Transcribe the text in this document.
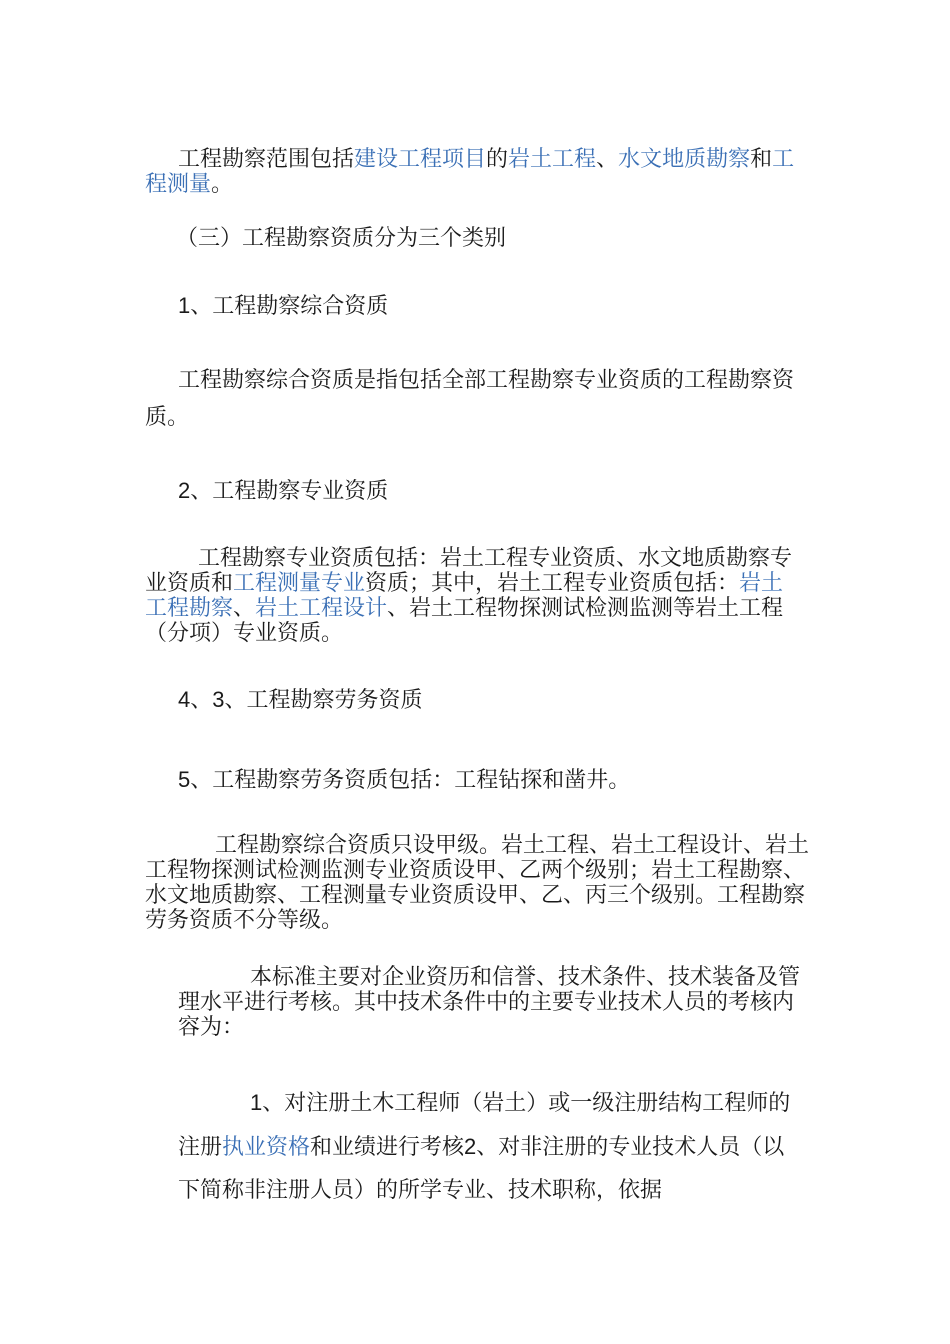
工程勘察范围包括建设工程项目的岩土工程、水文地质勘察和工程测量。

（三）工程勘察资质分为三个类别

1、工程勘察综合资质

工程勘察综合资质是指包括全部工程勘察专业资质的工程勘察资质。

2、工程勘察专业资质

工程勘察专业资质包括：岩土工程专业资质、水文地质勘察专业资质和工程测量专业资质；其中，岩土工程专业资质包括：岩土工程勘察、岩土工程设计、岩土工程物探测试检测监测等岩土工程（分项）专业资质。

4、3、工程勘察劳务资质

5、工程勘察劳务资质包括：工程钻探和凿井。

工程勘察综合资质只设甲级。岩土工程、岩土工程设计、岩土工程物探测试检测监测专业资质设甲、乙两个级别；岩土工程勘察、水文地质勘察、工程测量专业资质设甲、乙、丙三个级别。工程勘察劳务资质不分等级。

本标准主要对企业资历和信誉、技术条件、技术装备及管理水平进行考核。其中技术条件中的主要专业技术人员的考核内容为：

1、对注册土木工程师（岩土）或一级注册结构工程师的注册执业资格和业绩进行考核2、对非注册的专业技术人员（以下简称非注册人员）的所学专业、技术职称，依据
